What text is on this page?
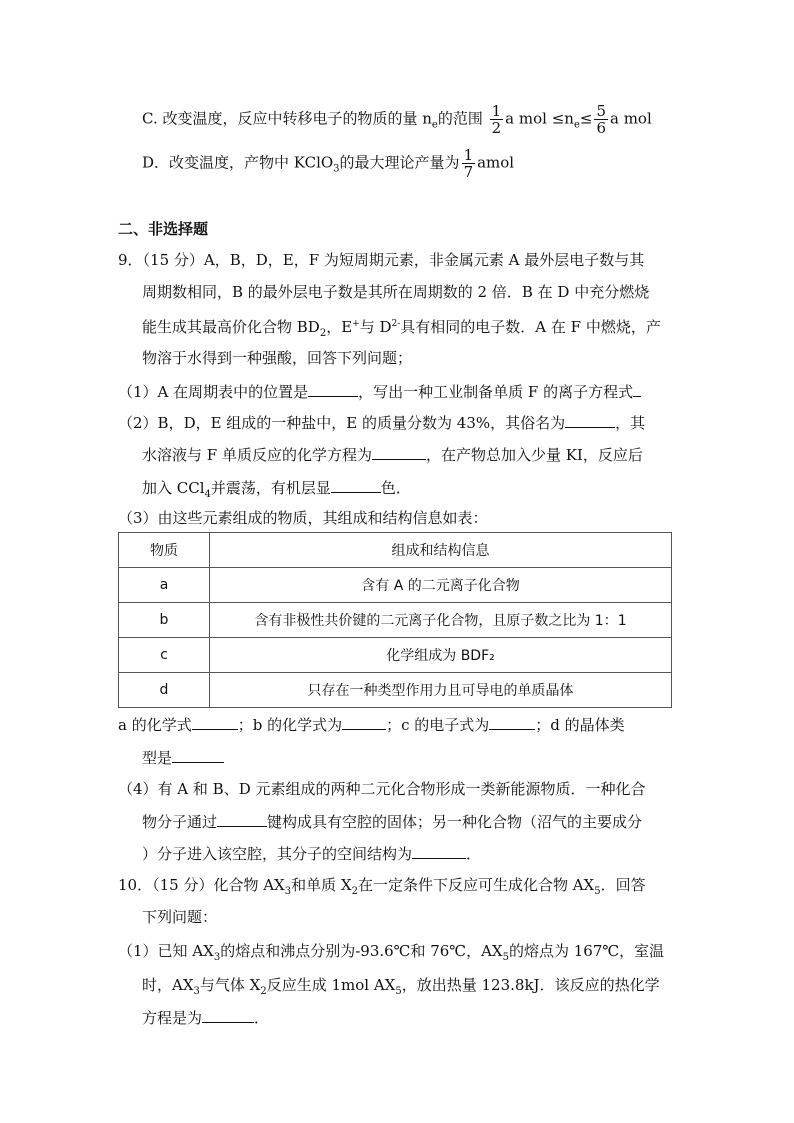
C. 改变温度，反应中转移电子的物质的量 $n_e$的范围 $\frac{1}{2}$ a mol $\le n_e\le \frac{5}{6}$ a mol
D．改变温度，产物中 KClO$_3$的最大理论产量为 $\frac{1}{7}$ amol
二、非选择题
9．（15 分）A，B，D，E，F 为短周期元素，非金属元素 A 最外层电子数与其
周期数相同，B 的最外层电子数是其所在周期数的 2 倍．B 在 D 中充分燃烧
能生成其最高价化合物 $BD_2$，E+与 $D^{2-}$具有相同的电子数．A 在 F 中燃烧，产
物溶于水得到一种强酸，回答下列问题；
（1）A 在周期表中的位置是	，写出一种工业制备单质 F 的离子方程式
（2）B，D，E 组成的一种盐中，E 的质量分数为 43%，其俗名为	，其
水溶液与 F 单质反应的化学方程为	，在产物总加入少量 KI，反应后
加入 CCl$_4$并震荡，有机层显	色．
（3）由这些元素组成的物质，其组成和结构信息如表：
物质	组成和结构信息
a	含有 A 的二元离子化合物
b	含有非极性共价键的二元离子化合物，且原子数之比为 1：1
c	化学组成为 BDF₂
d	只存在一种类型作用力且可导电的单质晶体
a 的化学式	；b 的化学式为	；c 的电子式为	；d 的晶体类
型是
（4）有 A 和 B、D 元素组成的两种二元化合物形成一类新能源物质．一种化合
物分子通过	键构成具有空腔的固体；另一种化合物（沼气的主要成分
）分子进入该空腔，其分子的空间结构为	．
10．（15 分）化合物 $AX_3$和单质 $X_2$在一定条件下反应可生成化合物 $AX_5$．回答
下列问题：
（1）已知 $AX_3$的熔点和沸点分别为-93.6℃和 76℃，$AX_5$的熔点为 167℃，室温
时，$AX_3$与气体 $X_2$反应生成 1mol $AX_5$，放出热量 123.8kJ．该反应的热化学
方程是为	．
